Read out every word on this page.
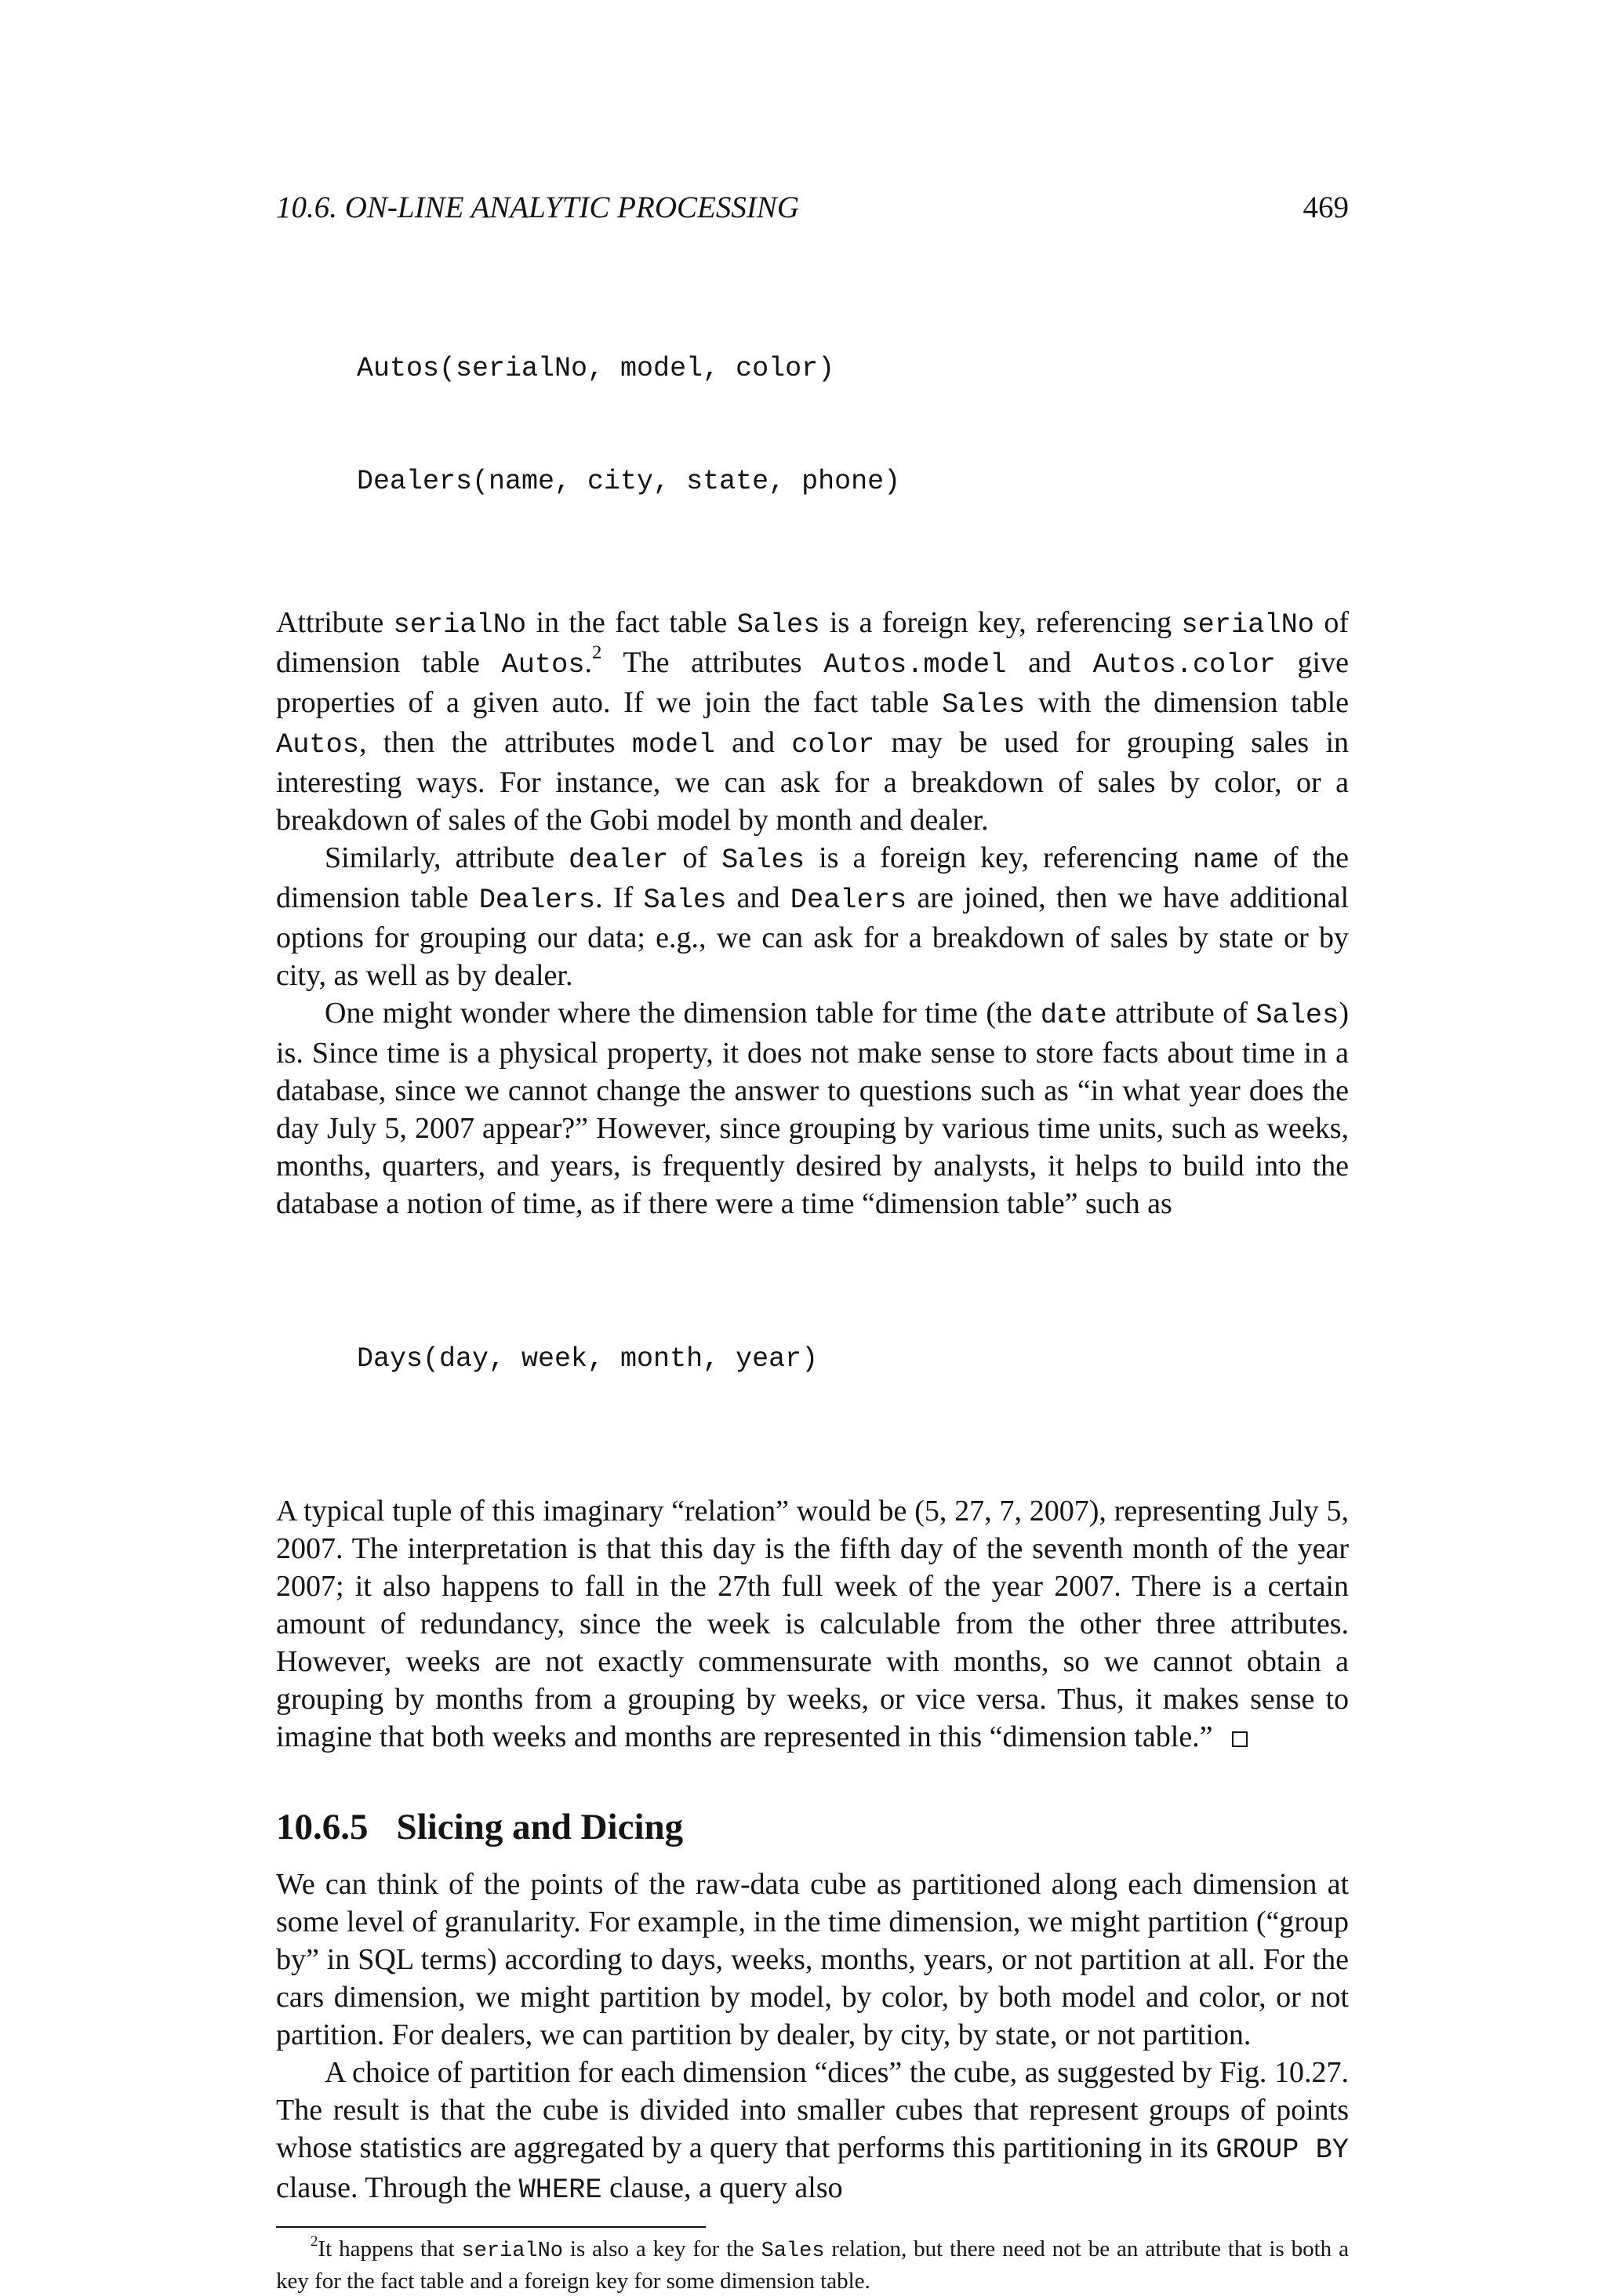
10.6. ON-LINE ANALYTIC PROCESSING	469

Autos(serialNo, model, color)

Dealers(name, city, state, phone)

Attribute serialNo in the fact table Sales is a foreign key, referencing serialNo of dimension table Autos.$^2$ The attributes Autos.model and Autos.color give properties of a given auto. If we join the fact table Sales with the dimension table Autos, then the attributes model and color may be used for grouping sales in interesting ways. For instance, we can ask for a breakdown of sales by color, or a breakdown of sales of the Gobi model by month and dealer.

Similarly, attribute dealer of Sales is a foreign key, referencing name of the dimension table Dealers. If Sales and Dealers are joined, then we have additional options for grouping our data; e.g., we can ask for a breakdown of sales by state or by city, as well as by dealer.

One might wonder where the dimension table for time (the date attribute of Sales) is. Since time is a physical property, it does not make sense to store facts about time in a database, since we cannot change the answer to questions such as “in what year does the day July 5, 2007 appear?” However, since grouping by various time units, such as weeks, months, quarters, and years, is frequently desired by analysts, it helps to build into the database a notion of time, as if there were a time “dimension table” such as

Days(day, week, month, year)

A typical tuple of this imaginary “relation” would be (5, 27, 7, 2007), representing July 5, 2007. The interpretation is that this day is the fifth day of the seventh month of the year 2007; it also happens to fall in the 27th full week of the year 2007. There is a certain amount of redundancy, since the week is calculable from the other three attributes. However, weeks are not exactly commensurate with months, so we cannot obtain a grouping by months from a grouping by weeks, or vice versa. Thus, it makes sense to imagine that both weeks and months are represented in this “dimension table.”

10.6.5 Slicing and Dicing

We can think of the points of the raw-data cube as partitioned along each dimension at some level of granularity. For example, in the time dimension, we might partition (“group by” in SQL terms) according to days, weeks, months, years, or not partition at all. For the cars dimension, we might partition by model, by color, by both model and color, or not partition. For dealers, we can partition by dealer, by city, by state, or not partition.

A choice of partition for each dimension “dices” the cube, as suggested by Fig. 10.27. The result is that the cube is divided into smaller cubes that represent groups of points whose statistics are aggregated by a query that performs this partitioning in its GROUP BY clause. Through the WHERE clause, a query also

$^2$It happens that serialNo is also a key for the Sales relation, but there need not be an attribute that is both a key for the fact table and a foreign key for some dimension table.
